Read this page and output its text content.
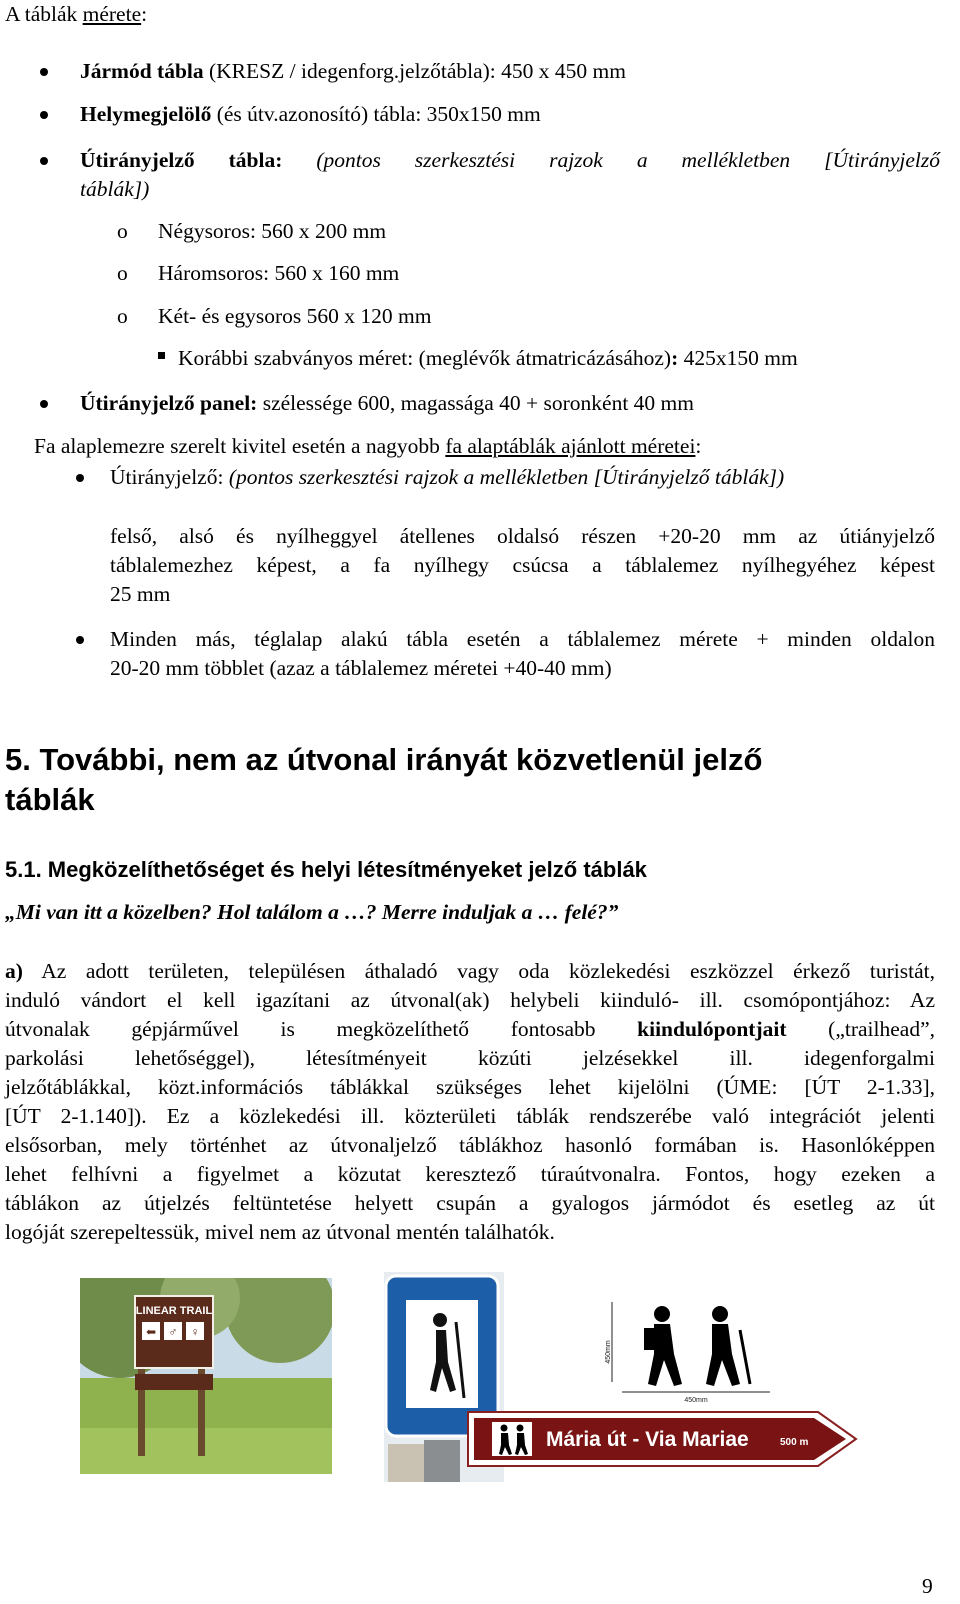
A táblák mérete:
Jármód tábla (KRESZ / idegenforg.jelzőtábla): 450 x 450 mm
Helymegjelölő (és útv.azonosító) tábla: 350x150 mm
Útirányjelző tábla: (pontos szerkesztési rajzok a mellékletben [Útirányjelző
táblák])
o Négysoros: 560 x 200 mm
o Háromsoros: 560 x 160 mm
o Két- és egysoros 560 x 120 mm
Korábbi szabványos méret: (meglévők átmatricázásához): 425x150 mm
Útirányjelző panel: szélessége 600, magassága 40 + soronként 40 mm
Fa alaplemezre szerelt kivitel esetén a nagyobb fa alaptáblák ajánlott méretei:
Útirányjelző: (pontos szerkesztési rajzok a mellékletben [Útirányjelző táblák])
felső, alsó és nyílheggyel átellenes oldalsó részen +20-20 mm az útiányjelző
táblalemezhez képest, a fa nyílhegy csúcsa a táblalemez nyílhegyéhez képest
25 mm
Minden más, téglalap alakú tábla esetén a táblalemez mérete + minden oldalon
20-20 mm többlet (azaz a táblalemez méretei +40-40 mm)
5. További, nem az útvonal irányát közvetlenül jelző
táblák
5.1. Megközelíthetőséget és helyi létesítményeket jelző táblák
„Mi van itt a közelben? Hol találom a …? Merre induljak a … felé?”
a) Az adott területen, településen áthaladó vagy oda közlekedési eszközzel érkező turistát,
induló vándort el kell igazítani az útvonal(ak) helybeli kiinduló- ill. csomópontjához: Az
útvonalak gépjárművel is megközelíthető fontosabb kiindulópontjait („trailhead”,
parkolási lehetőséggel), létesítményeit közúti jelzésekkel ill. idegenforgalmi
jelzőtáblákkal, közt.információs táblákkal szükséges lehet kijelölni (ÚME: [ÚT 2-1.33],
[ÚT 2-1.140]). Ez a közlekedési ill. közterületi táblák rendszerébe való integrációt jelenti
elsősorban, mely történhet az útvonaljelző táblákhoz hasonló formában is. Hasonlóképpen
lehet felhívni a figyelmet a közutat keresztező túraútvonalra. Fontos, hogy ezeken a
táblákon az útjelzés feltüntetése helyett csupán a gyalogos jármódot és esetleg az út
logóját szerepeltessük, mivel nem az útvonal mentén találhatók.
LINEAR TRAIL
⬅ ♂ ♀
450mm
450mm
Mária út - Via Mariae	500 m
9
